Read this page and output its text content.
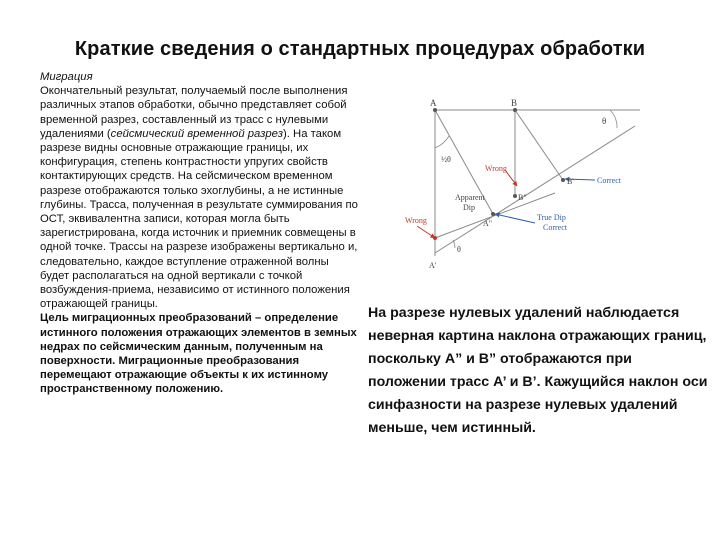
Краткие сведения о стандартных процедурах обработки

Миграция

Окончательный результат, получаемый после выполнения различных этапов обработки, обычно представляет собой временной разрез, составленный из трасс с нулевыми удалениями (сейсмический временной разрез). На таком разрезе видны основные отражающие границы, их конфигурация, степень контрастности упругих свойств контактирующих средств. На сейсмическом временном разрезе отображаются только эхоглубины, а не истинные глубины. Трасса, полученная в результате суммирования по ОСТ, эквивалентна записи, которая могла быть зарегистрирована, когда источник и приемник совмещены в одной точке. Трассы на разрезе изображены вертикально и, следовательно, каждое вступление отраженной волны будет располагаться на одной вертикали с точкой возбуждения-приема, независимо от истинного положения отражающей границы.

Цель миграционных преобразований – определение истинного положения отражающих элементов в земных недрах по сейсмическим данным, полученным на поверхности. Миграционные преобразования перемещают отражающие объекты к их истинному пространственному положению.

A	B
θ
½θ
Wrong
Correct
B'
B"
Apparent
Dip
True Dip
Correct
A"
Wrong
θ
A'
На разрезе нулевых удалений наблюдается неверная картина наклона отражающих границ, поскольку А” и В” отображаются при положении трасс А’ и В’. Кажущийся наклон оси синфазности на разрезе нулевых удалений меньше, чем истинный.
